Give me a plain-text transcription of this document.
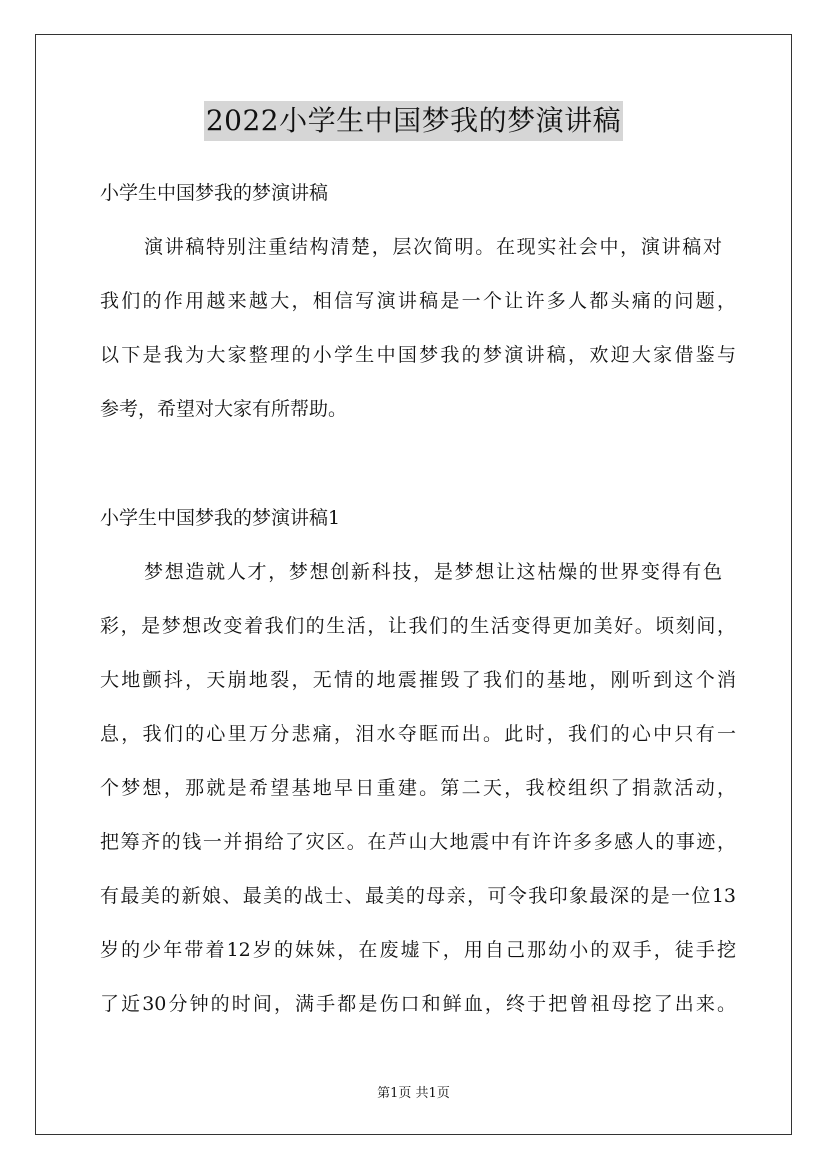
2022小学生中国梦我的梦演讲稿
小学生中国梦我的梦演讲稿
演讲稿特别注重结构清楚，层次简明。在现实社会中，演讲稿对
我们的作用越来越大，相信写演讲稿是一个让许多人都头痛的问题，
以下是我为大家整理的小学生中国梦我的梦演讲稿，欢迎大家借鉴与
参考，希望对大家有所帮助。
小学生中国梦我的梦演讲稿1
梦想造就人才，梦想创新科技，是梦想让这枯燥的世界变得有色
彩，是梦想改变着我们的生活，让我们的生活变得更加美好。顷刻间，
大地颤抖，天崩地裂，无情的地震摧毁了我们的基地，刚听到这个消
息，我们的心里万分悲痛，泪水夺眶而出。此时，我们的心中只有一
个梦想，那就是希望基地早日重建。第二天，我校组织了捐款活动，
把筹齐的钱一并捐给了灾区。在芦山大地震中有许许多多感人的事迹，
有最美的新娘、最美的战士、最美的母亲，可令我印象最深的是一位13
岁的少年带着12岁的妹妹，在废墟下，用自己那幼小的双手，徒手挖
了近30分钟的时间，满手都是伤口和鲜血，终于把曾祖母挖了出来。
第1页 共1页
